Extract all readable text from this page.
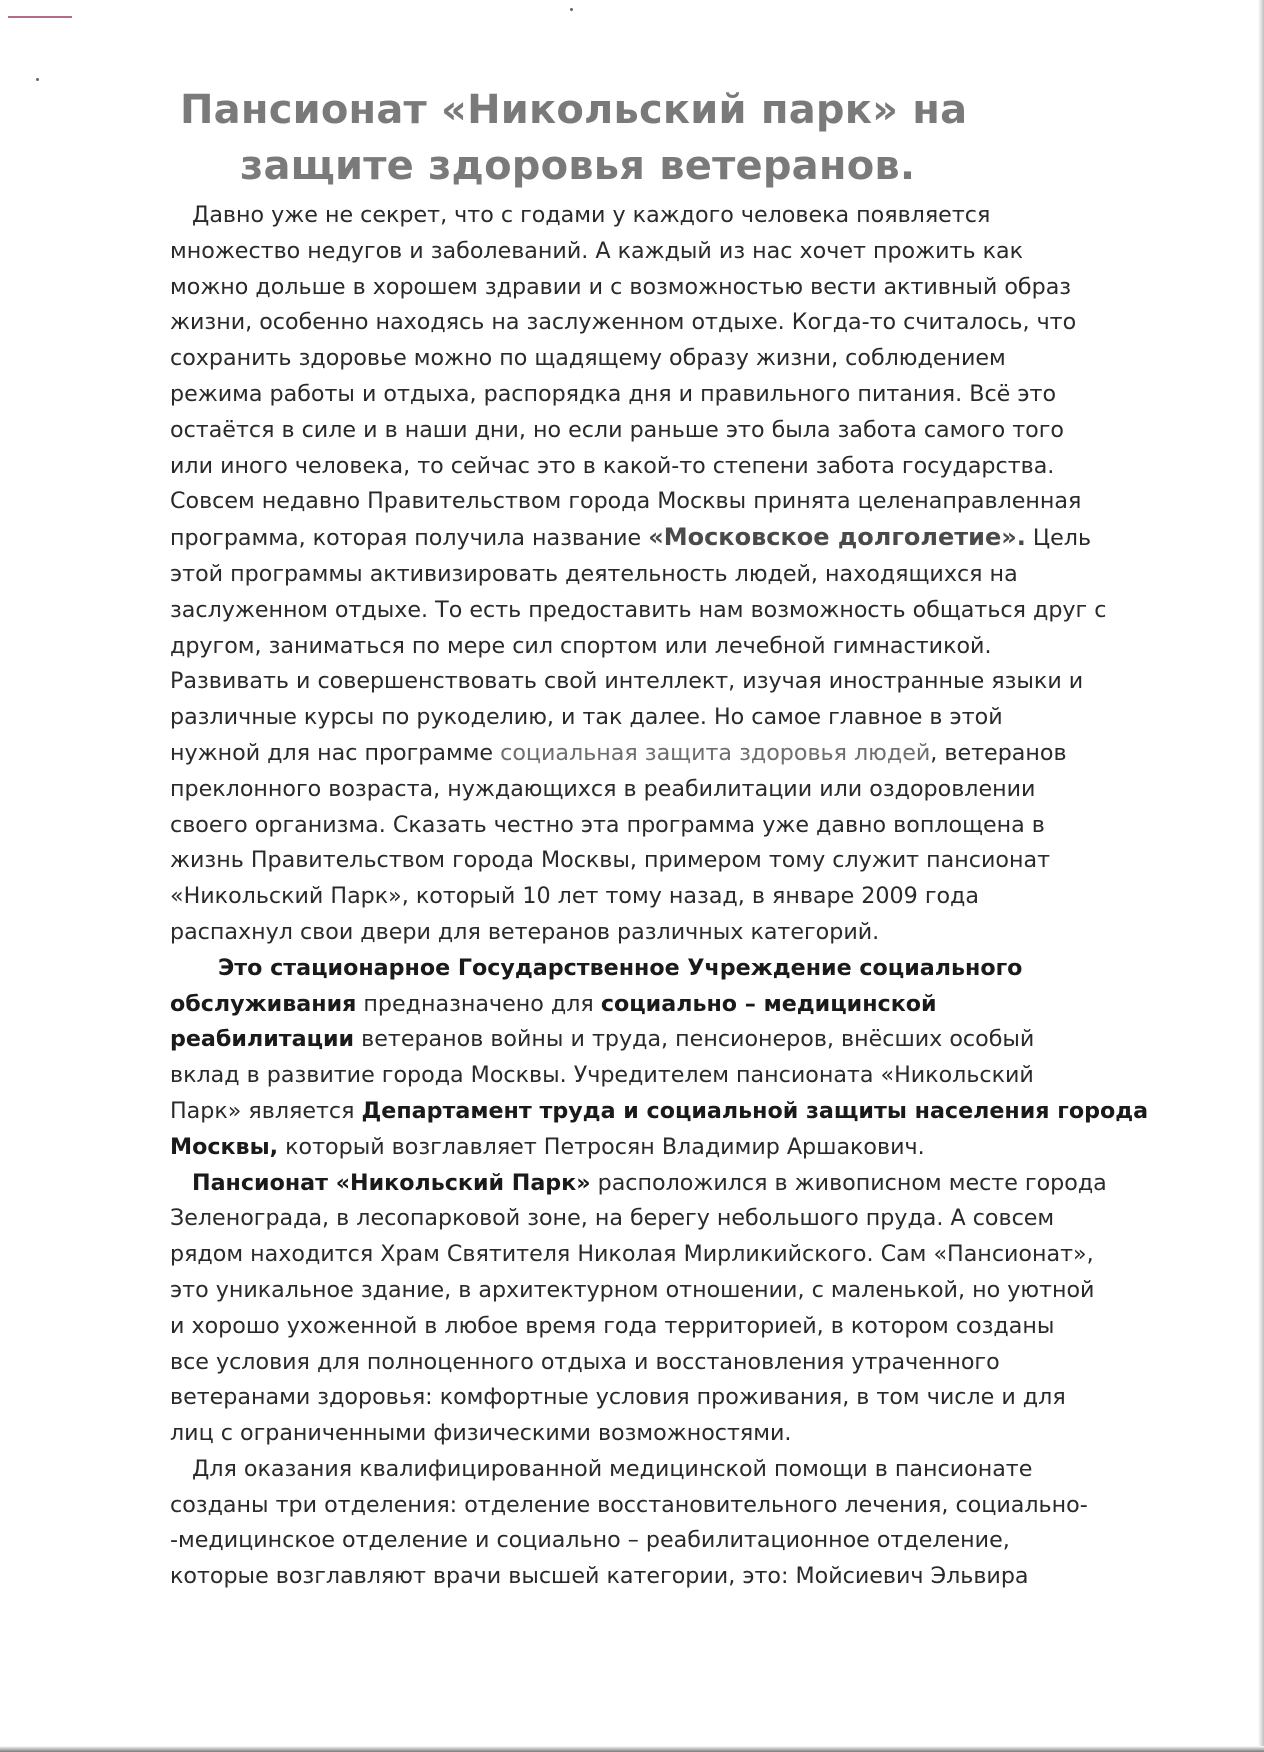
Пансионат «Никольский парк» на
защите здоровья ветеранов.
Давно уже не секрет, что с годами у каждого человека появляется
множество недугов и заболеваний. А каждый из нас хочет прожить как
можно дольше в хорошем здравии и с возможностью вести активный образ
жизни, особенно находясь на заслуженном отдыхе. Когда-то считалось, что
сохранить здоровье можно по щадящему образу жизни, соблюдением
режима работы и отдыха, распорядка дня и правильного питания. Всё это
остаётся в силе и в наши дни, но если раньше это была забота самого того
или иного человека, то сейчас это в какой-то степени забота государства.
Совсем недавно Правительством города Москвы принята целенаправленная
программа, которая получила название «Московское долголетие». Цель
этой программы активизировать деятельность людей, находящихся на
заслуженном отдыхе. То есть предоставить нам возможность общаться друг с
другом, заниматься по мере сил спортом или лечебной гимнастикой.
Развивать и совершенствовать свой интеллект, изучая иностранные языки и
различные курсы по рукоделию, и так далее. Но самое главное в этой
нужной для нас программе социальная защита здоровья людей, ветеранов
преклонного возраста, нуждающихся в реабилитации или оздоровлении
своего организма. Сказать честно эта программа уже давно воплощена в
жизнь Правительством города Москвы, примером тому служит пансионат
«Никольский Парк», который 10 лет тому назад, в январе 2009 года
распахнул свои двери для ветеранов различных категорий.
Это стационарное Государственное Учреждение социального
обслуживания предназначено для социально – медицинской
реабилитации ветеранов войны и труда, пенсионеров, внёсших особый
вклад в развитие города Москвы. Учредителем пансионата «Никольский
Парк» является Департамент труда и социальной защиты населения города
Москвы, который возглавляет Петросян Владимир Аршакович.
Пансионат «Никольский Парк» расположился в живописном месте города
Зеленограда, в лесопарковой зоне, на берегу небольшого пруда. А совсем
рядом находится Храм Святителя Николая Мирликийского. Сам «Пансионат»,
это уникальное здание, в архитектурном отношении, с маленькой, но уютной
и хорошо ухоженной в любое время года территорией, в котором созданы
все условия для полноценного отдыха и восстановления утраченного
ветеранами здоровья: комфортные условия проживания, в том числе и для
лиц с ограниченными физическими возможностями.
Для оказания квалифицированной медицинской помощи в пансионате
созданы три отделения: отделение восстановительного лечения, социально-
-медицинское отделение и социально – реабилитационное отделение,
которые возглавляют врачи высшей категории, это: Мойсиевич Эльвира
